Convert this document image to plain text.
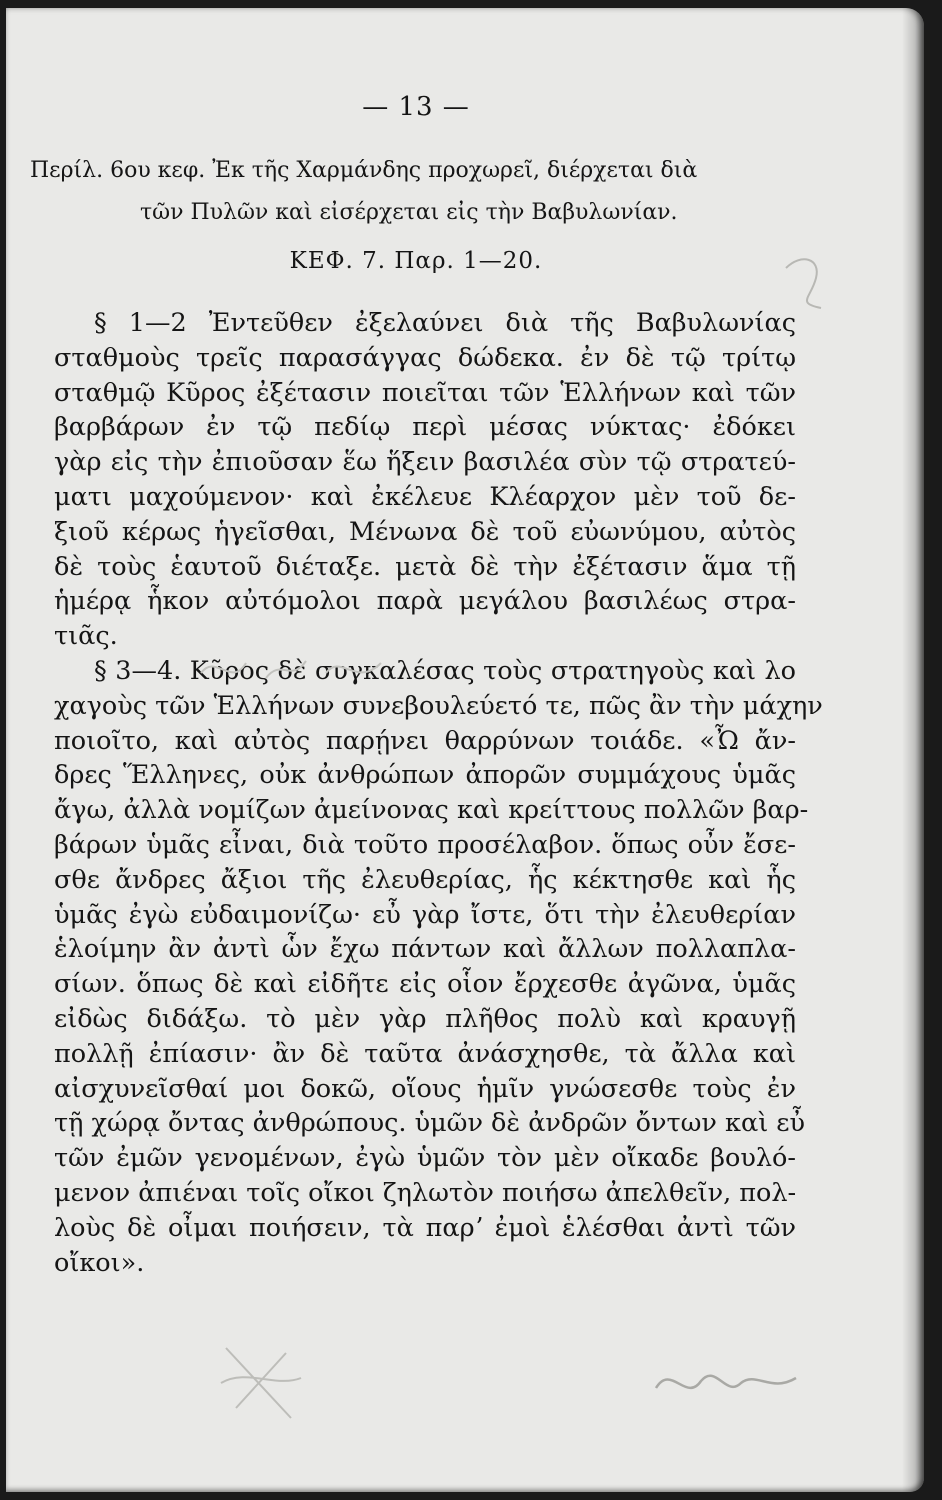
— 13 —
Περίλ. 6ου κεφ. Ἐκ τῆς Χαρμάνδης προχωρεῖ, διέρχεται διὰ
τῶν Πυλῶν καὶ εἰσέρχεται εἰς τὴν Βαβυλωνίαν.
ΚΕΦ. 7. Παρ. 1—20.
§ 1—2 Ἐντεῦθεν ἐξελαύνει διὰ τῆς Βαβυλωνίας
σταθμοὺς τρεῖς παρασάγγας δώδεκα. ἐν δὲ τῷ τρίτῳ
σταθμῷ Κῦρος ἐξέτασιν ποιεῖται τῶν Ἑλλήνων καὶ τῶν
βαρβάρων ἐν τῷ πεδίῳ περὶ μέσας νύκτας· ἐδόκει
γὰρ εἰς τὴν ἐπιοῦσαν ἕω ἥξειν βασιλέα σὺν τῷ στρατεύ-
ματι μαχούμενον· καὶ ἐκέλευε Κλέαρχον μὲν τοῦ δε-
ξιοῦ κέρως ἡγεῖσθαι, Μένωνα δὲ τοῦ εὐωνύμου, αὐτὸς
δὲ τοὺς ἑαυτοῦ διέταξε. μετὰ δὲ τὴν ἐξέτασιν ἅμα τῇ
ἡμέρᾳ ἧκον αὐτόμολοι παρὰ μεγάλου βασιλέως στρα-
τιᾶς.
§ 3—4. Κῦρος δὲ συγκαλέσας τοὺς στρατηγοὺς καὶ λο
χαγοὺς τῶν Ἑλλήνων συνεβουλεύετό τε, πῶς ἂν τὴν μάχην
ποιοῖτο, καὶ αὐτὸς παρῄνει θαρρύνων τοιάδε. «Ὦ ἄν-
δρες Ἕλληνες, οὐκ ἀνθρώπων ἀπορῶν συμμάχους ὑμᾶς
ἄγω, ἀλλὰ νομίζων ἀμείνονας καὶ κρείττους πολλῶν βαρ-
βάρων ὑμᾶς εἶναι, διὰ τοῦτο προσέλαβον. ὅπως οὖν ἔσε-
σθε ἄνδρες ἄξιοι τῆς ἐλευθερίας, ἧς κέκτησθε καὶ ἧς
ὑμᾶς ἐγὼ εὐδαιμονίζω· εὖ γὰρ ἴστε, ὅτι τὴν ἐλευθερίαν
ἑλοίμην ἂν ἀντὶ ὧν ἔχω πάντων καὶ ἄλλων πολλαπλα-
σίων. ὅπως δὲ καὶ εἰδῆτε εἰς οἷον ἔρχεσθε ἀγῶνα, ὑμᾶς
εἰδὼς διδάξω. τὸ μὲν γὰρ πλῆθος πολὺ καὶ κραυγῇ
πολλῇ ἐπίασιν· ἂν δὲ ταῦτα ἀνάσχησθε, τὰ ἄλλα καὶ
αἰσχυνεῖσθαί μοι δοκῶ, οἵους ἡμῖν γνώσεσθε τοὺς ἐν
τῇ χώρᾳ ὄντας ἀνθρώπους. ὑμῶν δὲ ἀνδρῶν ὄντων καὶ εὖ
τῶν ἐμῶν γενομένων, ἐγὼ ὑμῶν τὸν μὲν οἴκαδε βουλό-
μενον ἀπιέναι τοῖς οἴκοι ζηλωτὸν ποιήσω ἀπελθεῖν, πολ-
λοὺς δὲ οἶμαι ποιήσειν, τὰ παρʼ ἐμοὶ ἑλέσθαι ἀντὶ τῶν
οἴκοι».
